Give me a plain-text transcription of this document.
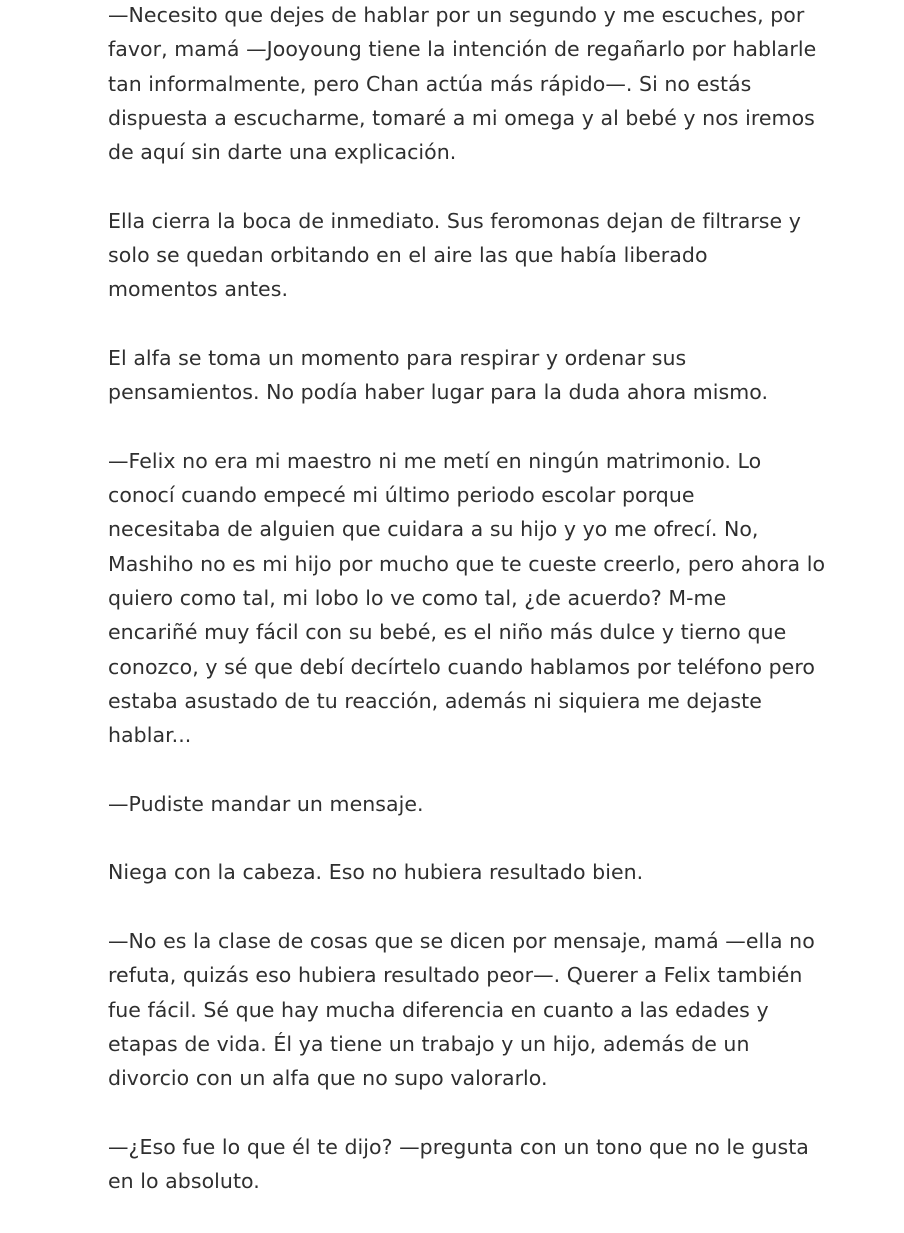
—Necesito que dejes de hablar por un segundo y me escuches, por
favor, mamá —Jooyoung tiene la intención de regañarlo por hablarle
tan informalmente, pero Chan actúa más rápido—. Si no estás
dispuesta a escucharme, tomaré a mi omega y al bebé y nos iremos
de aquí sin darte una explicación.
Ella cierra la boca de inmediato. Sus feromonas dejan de filtrarse y
solo se quedan orbitando en el aire las que había liberado
momentos antes.
El alfa se toma un momento para respirar y ordenar sus
pensamientos. No podía haber lugar para la duda ahora mismo.
—Felix no era mi maestro ni me metí en ningún matrimonio. Lo
conocí cuando empecé mi último periodo escolar porque
necesitaba de alguien que cuidara a su hijo y yo me ofrecí. No,
Mashiho no es mi hijo por mucho que te cueste creerlo, pero ahora lo
quiero como tal, mi lobo lo ve como tal, ¿de acuerdo? M-me
encariñé muy fácil con su bebé, es el niño más dulce y tierno que
conozco, y sé que debí decírtelo cuando hablamos por teléfono pero
estaba asustado de tu reacción, además ni siquiera me dejaste
hablar...
—Pudiste mandar un mensaje.
Niega con la cabeza. Eso no hubiera resultado bien.
—No es la clase de cosas que se dicen por mensaje, mamá —ella no
refuta, quizás eso hubiera resultado peor—. Querer a Felix también
fue fácil. Sé que hay mucha diferencia en cuanto a las edades y
etapas de vida. Él ya tiene un trabajo y un hijo, además de un
divorcio con un alfa que no supo valorarlo.
—¿Eso fue lo que él te dijo? —pregunta con un tono que no le gusta
en lo absoluto.
